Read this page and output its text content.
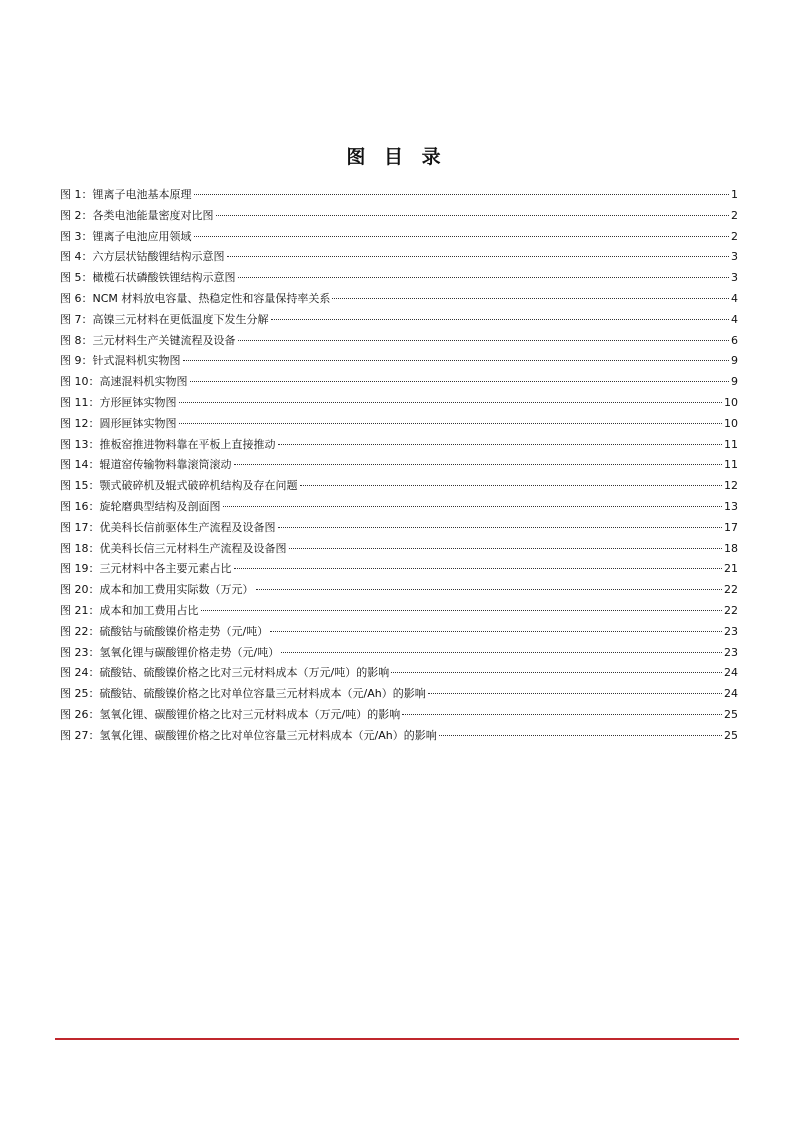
图 目 录
图 1：锂离子电池基本原理	1
图 2：各类电池能量密度对比图	2
图 3：锂离子电池应用领域	2
图 4：六方层状钴酸锂结构示意图	3
图 5：橄榄石状磷酸铁锂结构示意图	3
图 6：NCM 材料放电容量、热稳定性和容量保持率关系	4
图 7：高镍三元材料在更低温度下发生分解	4
图 8：三元材料生产关键流程及设备	6
图 9：针式混料机实物图	9
图 10：高速混料机实物图	9
图 11：方形匣钵实物图	10
图 12：圆形匣钵实物图	10
图 13：推板窑推进物料靠在平板上直接推动	11
图 14：辊道窑传输物料靠滚筒滚动	11
图 15：颚式破碎机及辊式破碎机结构及存在问题	12
图 16：旋轮磨典型结构及剖面图	13
图 17：优美科长信前驱体生产流程及设备图	17
图 18：优美科长信三元材料生产流程及设备图	18
图 19：三元材料中各主要元素占比	21
图 20：成本和加工费用实际数（万元）	22
图 21：成本和加工费用占比	22
图 22：硫酸钴与硫酸镍价格走势（元/吨）	23
图 23：氢氧化锂与碳酸锂价格走势（元/吨）	23
图 24：硫酸钴、硫酸镍价格之比对三元材料成本（万元/吨）的影响	24
图 25：硫酸钴、硫酸镍价格之比对单位容量三元材料成本（元/Ah）的影响	24
图 26：氢氧化锂、碳酸锂价格之比对三元材料成本（万元/吨）的影响	25
图 27：氢氧化锂、碳酸锂价格之比对单位容量三元材料成本（元/Ah）的影响	25
